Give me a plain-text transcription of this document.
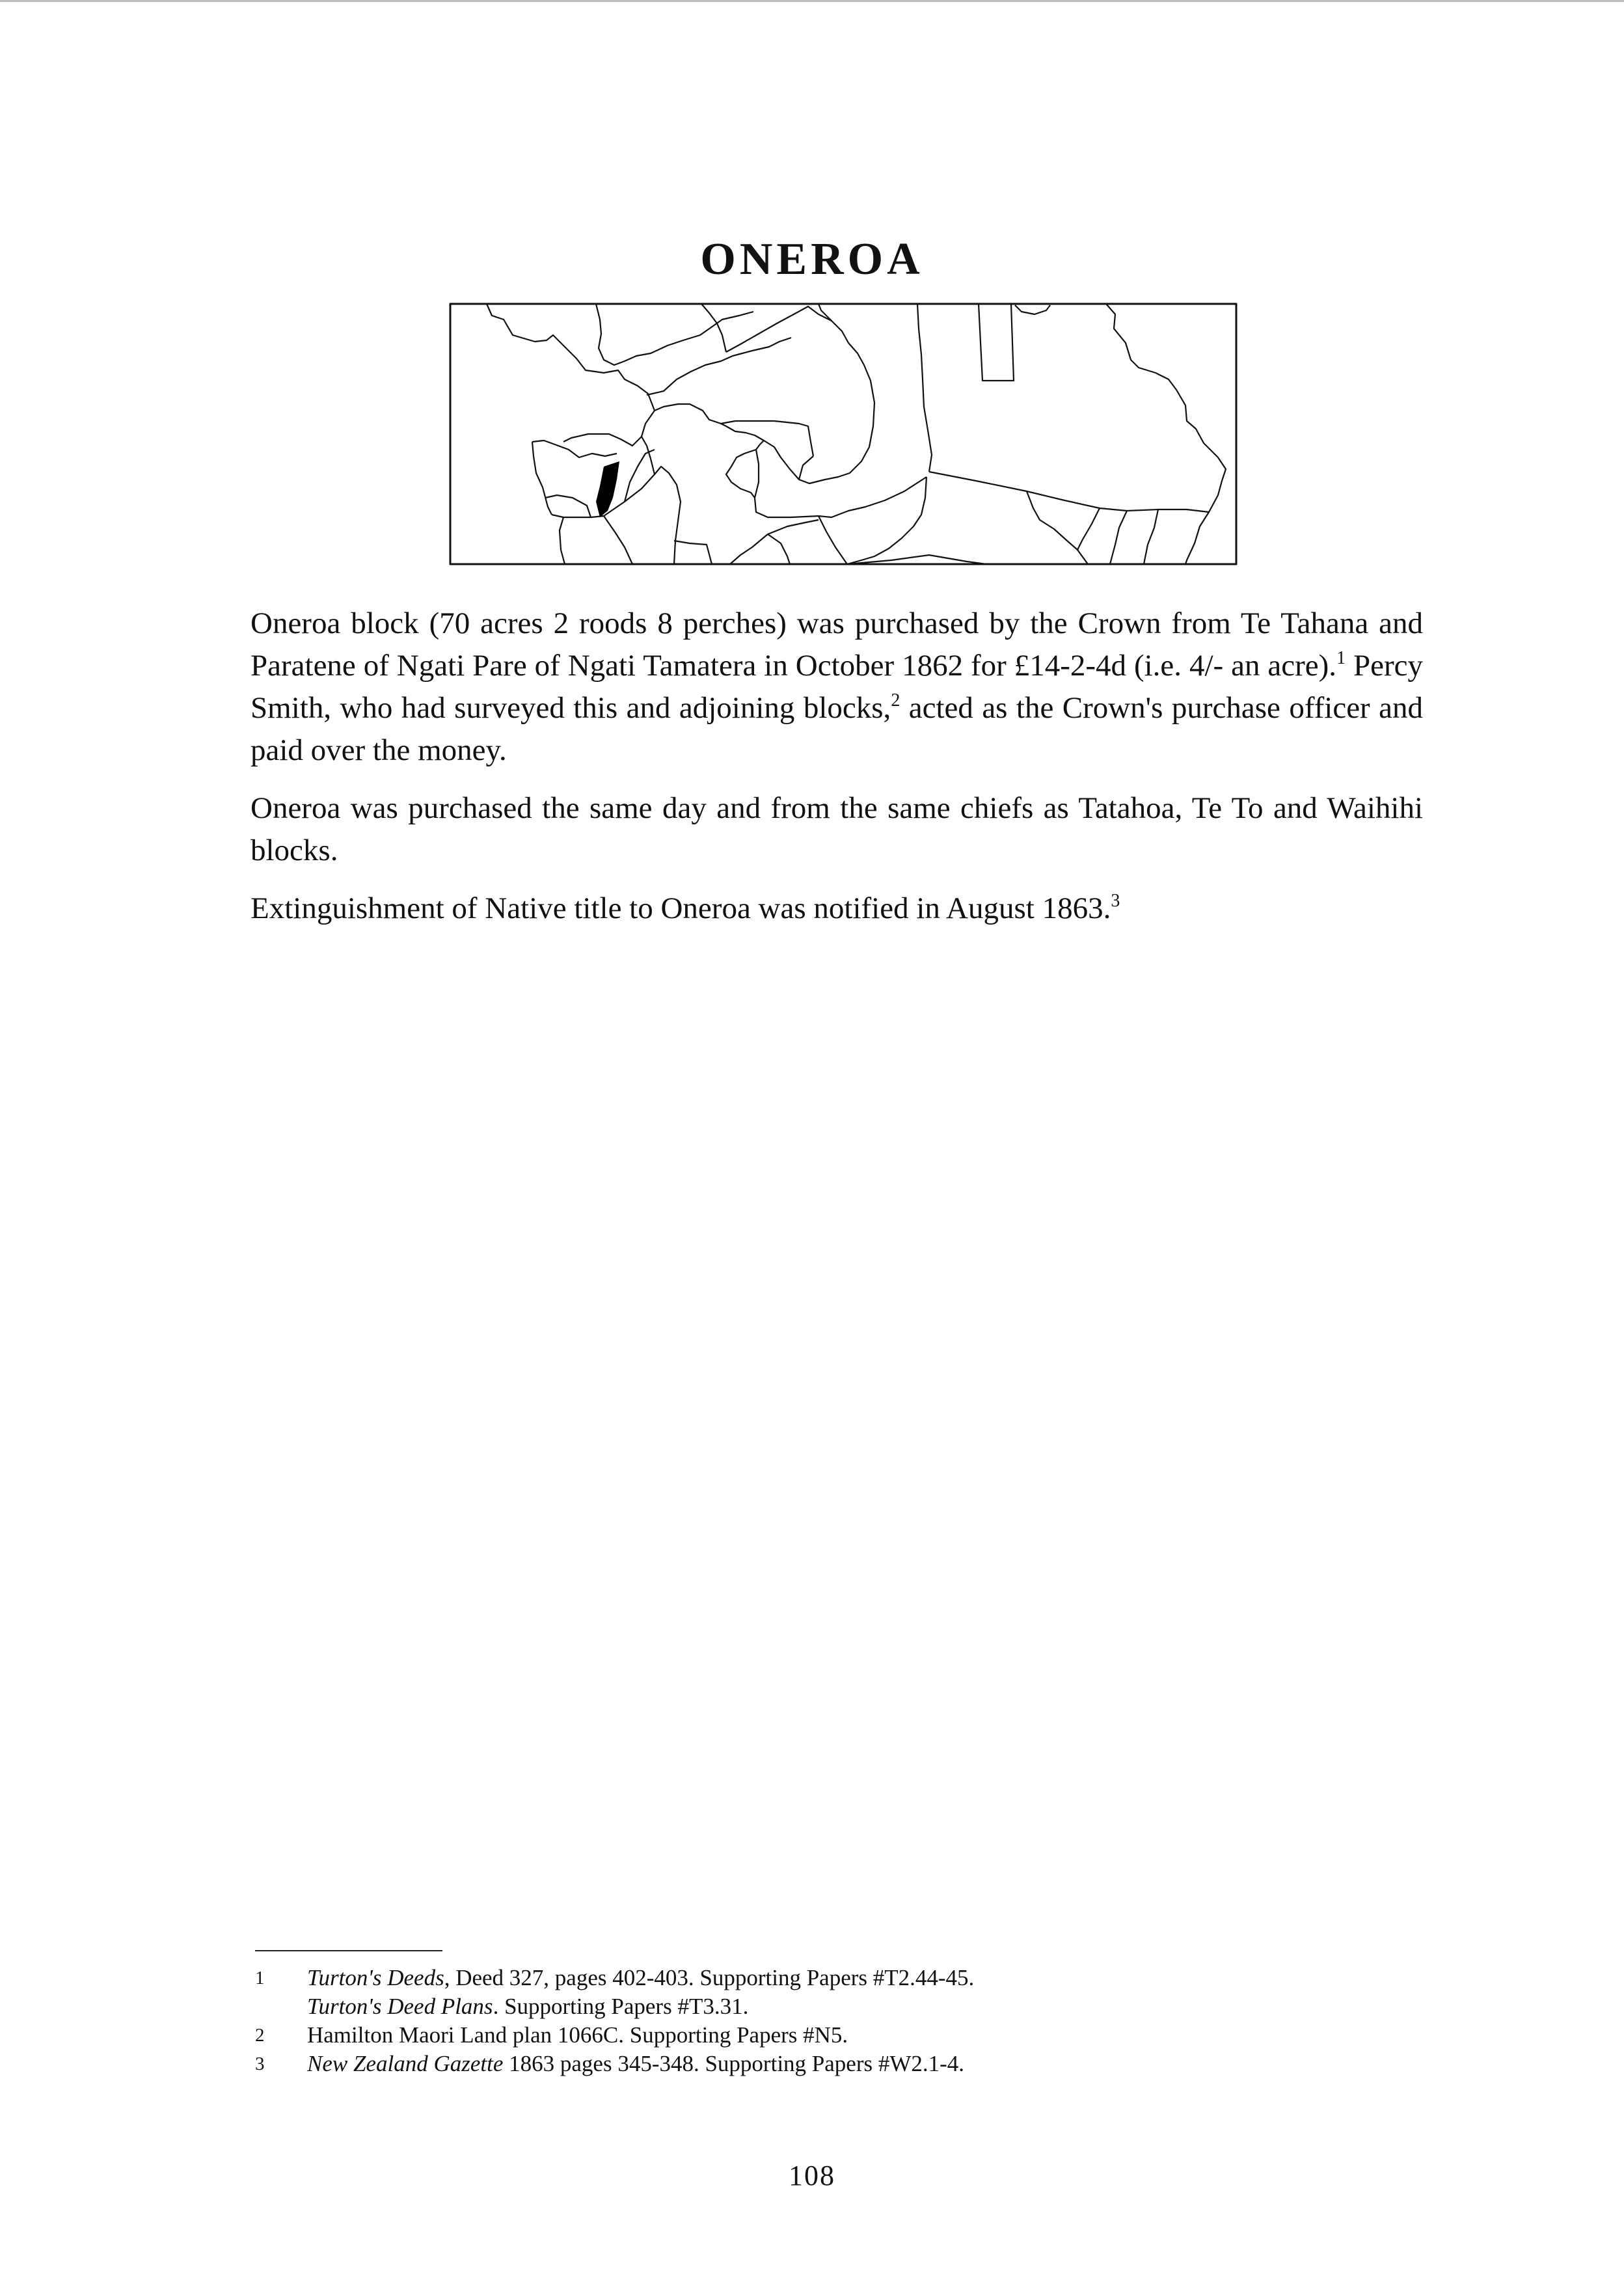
ONEROA

Oneroa block (70 acres 2 roods 8 perches) was purchased by the Crown from Te Tahana and Paratene of Ngati Pare of Ngati Tamatera in October 1862 for £14-2-4d (i.e. 4/- an acre).$^1$ Percy Smith, who had surveyed this and adjoining blocks,$^2$ acted as the Crown's purchase officer and paid over the money.

Oneroa was purchased the same day and from the same chiefs as Tatahoa, Te To and Waihihi blocks.

Extinguishment of Native title to Oneroa was notified in August 1863.$^3$

1	Turton's Deeds, Deed 327, pages 402-403. Supporting Papers #T2.44-45.
Turton's Deed Plans. Supporting Papers #T3.31.
2	Hamilton Maori Land plan 1066C. Supporting Papers #N5.
3	New Zealand Gazette 1863 pages 345-348. Supporting Papers #W2.1-4.
108
